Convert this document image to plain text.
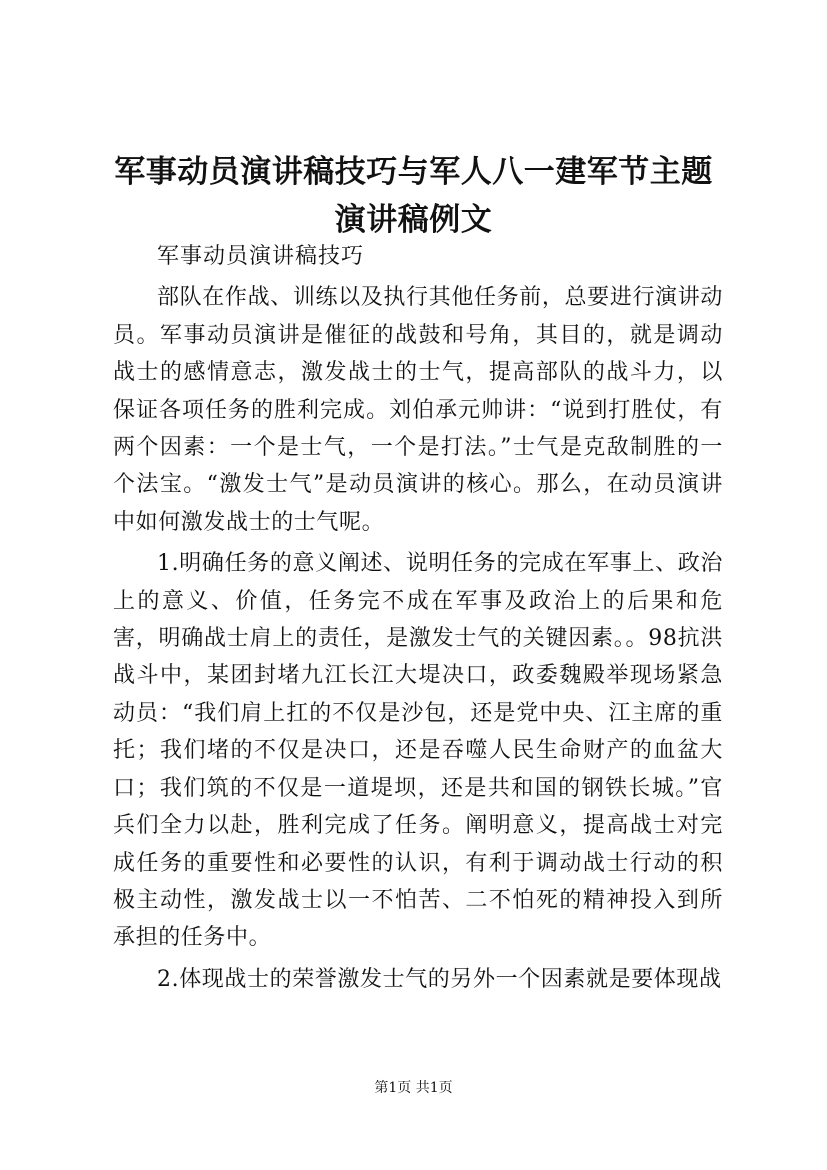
军事动员演讲稿技巧与军人八一建军节主题演讲稿例文

军事动员演讲稿技巧

部队在作战、训练以及执行其他任务前，总要进行演讲动员。军事动员演讲是催征的战鼓和号角，其目的，就是调动战士的感情意志，激发战士的士气，提高部队的战斗力，以保证各项任务的胜利完成。刘伯承元帅讲：“说到打胜仗，有两个因素：一个是士气，一个是打法。”士气是克敌制胜的一个法宝。“激发士气”是动员演讲的核心。那么，在动员演讲中如何激发战士的士气呢。

1.明确任务的意义阐述、说明任务的完成在军事上、政治上的意义、价值，任务完不成在军事及政治上的后果和危害，明确战士肩上的责任，是激发士气的关键因素。。98抗洪战斗中，某团封堵九江长江大堤决口，政委魏殿举现场紧急动员：“我们肩上扛的不仅是沙包，还是党中央、江主席的重托；我们堵的不仅是决口，还是吞噬人民生命财产的血盆大口；我们筑的不仅是一道堤坝，还是共和国的钢铁长城。”官兵们全力以赴，胜利完成了任务。阐明意义，提高战士对完成任务的重要性和必要性的认识，有利于调动战士行动的积极主动性，激发战士以一不怕苦、二不怕死的精神投入到所承担的任务中。

2.体现战士的荣誉激发士气的另外一个因素就是要体现战

第1页 共1页
